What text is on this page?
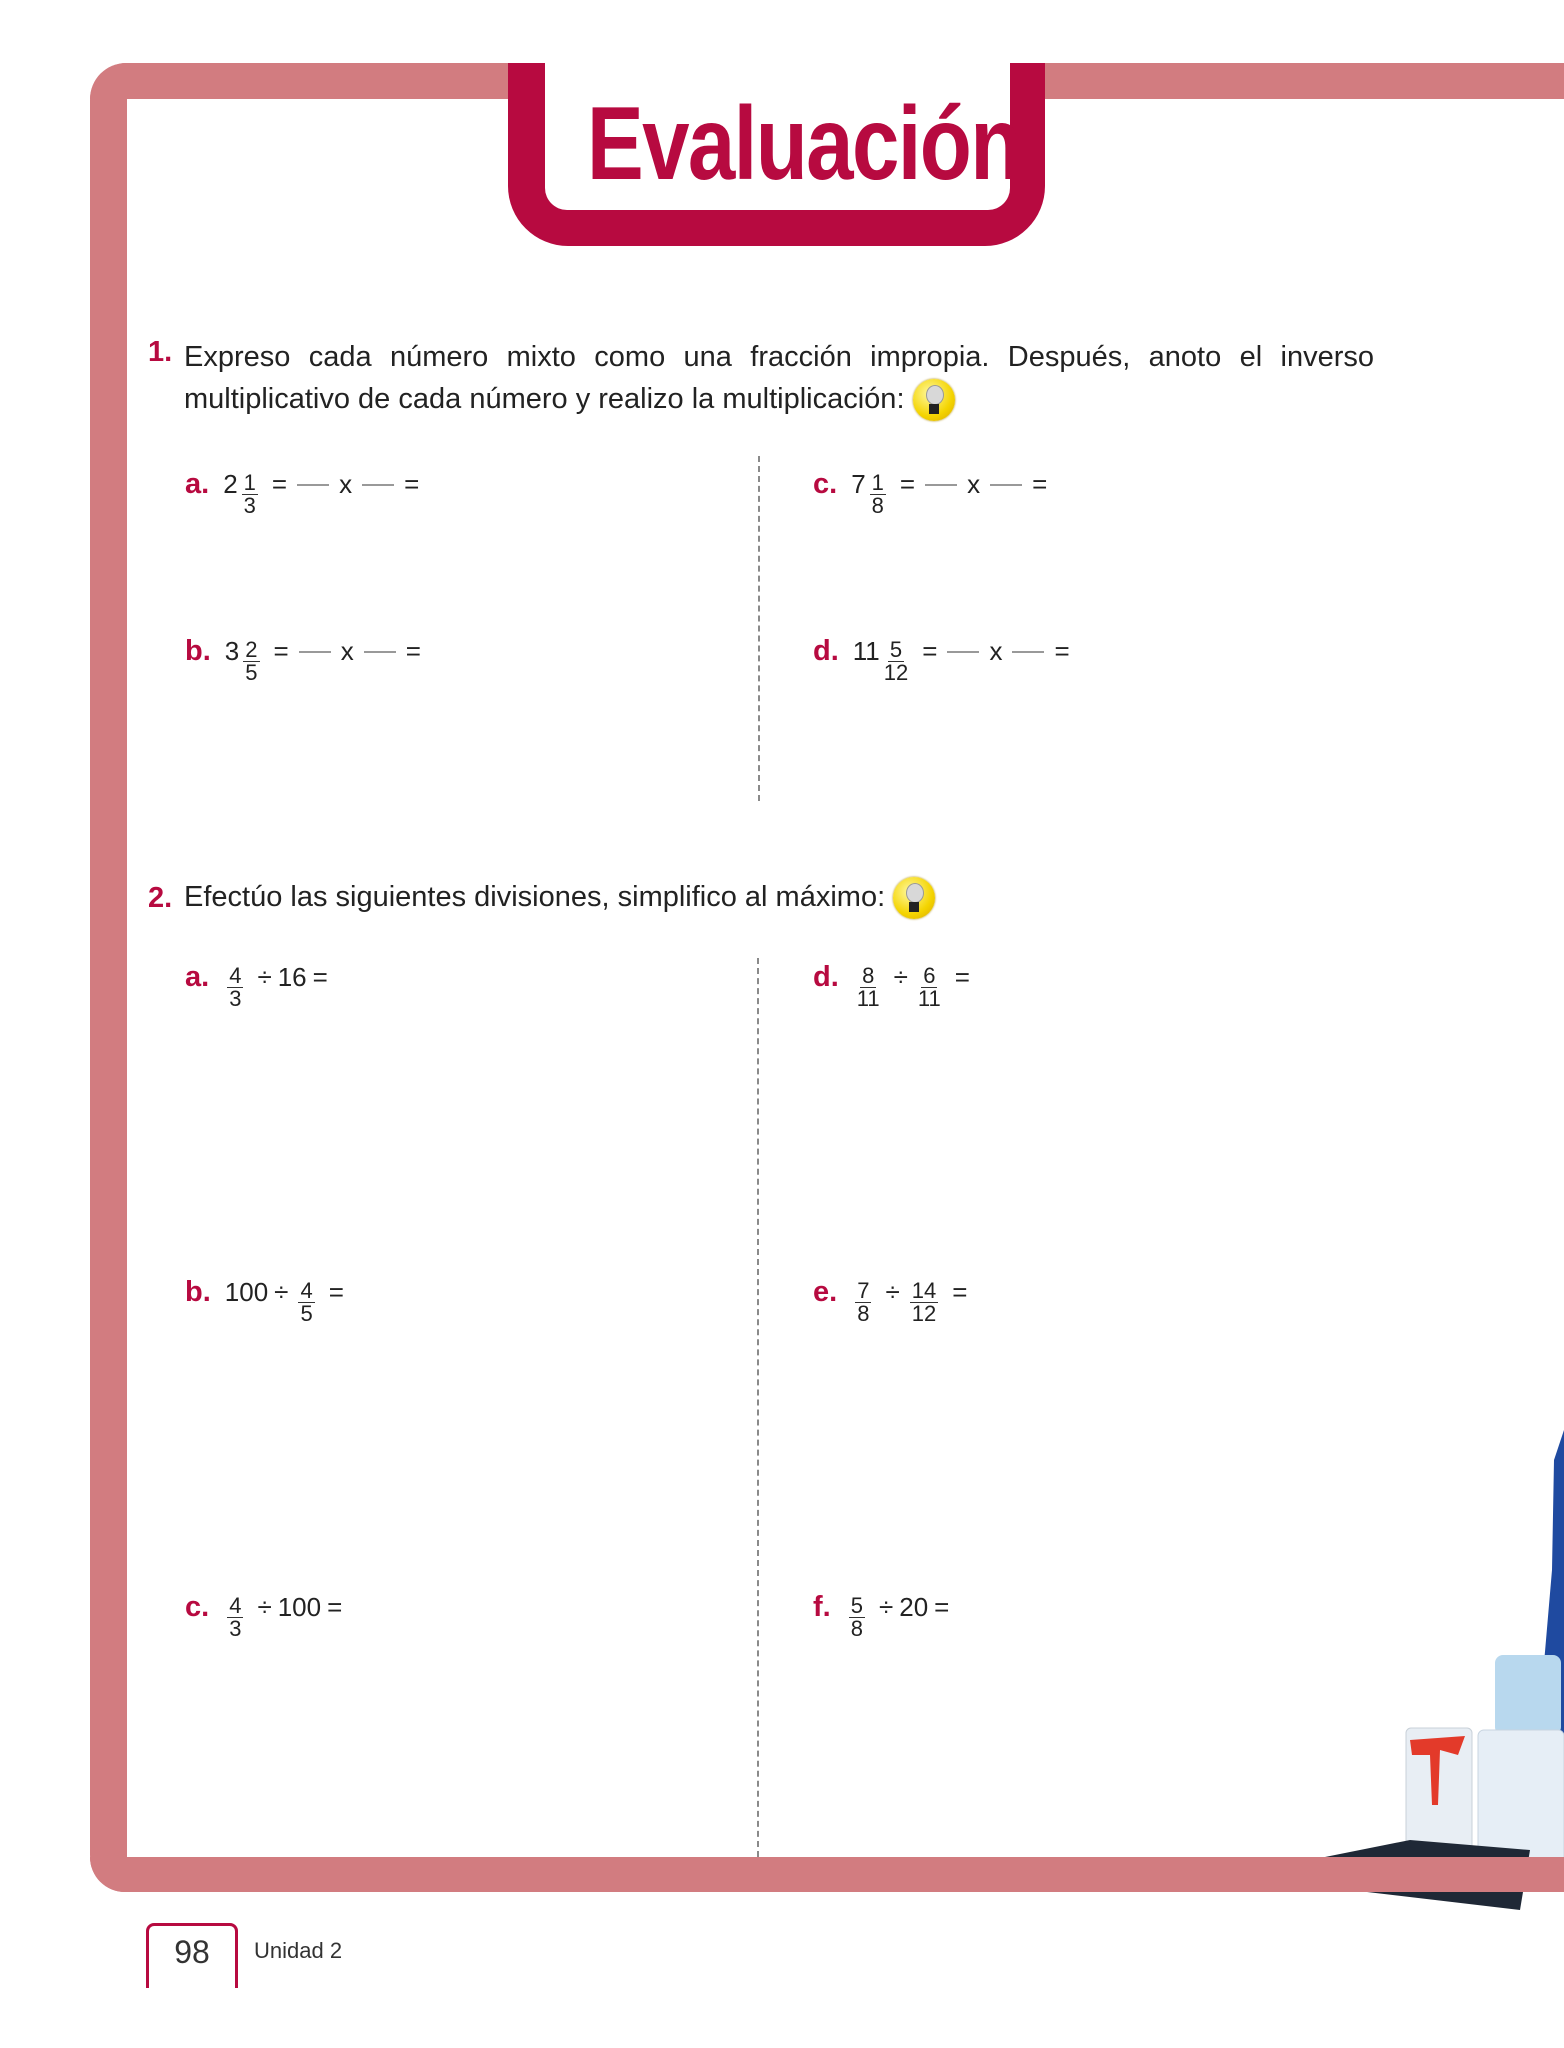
Evaluación
1. Expreso cada número mixto como una fracción impropia. Después, anoto el inverso multiplicativo de cada número y realizo la multiplicación:
a. $2 \frac{1}{3} = x$ =
b. $3 \frac{2}{5} = x$ =
c. $7 \frac{1}{8} = x$ =
d. $11 \frac{5}{12} = x$ =
2. Efectúo las siguientes divisiones, simplifico al máximo:
a. $\frac{4}{3} \div 16$ =
b. $100 \div \frac{4}{5}$ =
c. $\frac{4}{3} \div 100$ =
d. $\frac{8}{11} \div \frac{6}{11}$ =
e. $\frac{7}{8} \div \frac{14}{12}$ =
f. $\frac{5}{8} \div 20$ =
98	Unidad 2
